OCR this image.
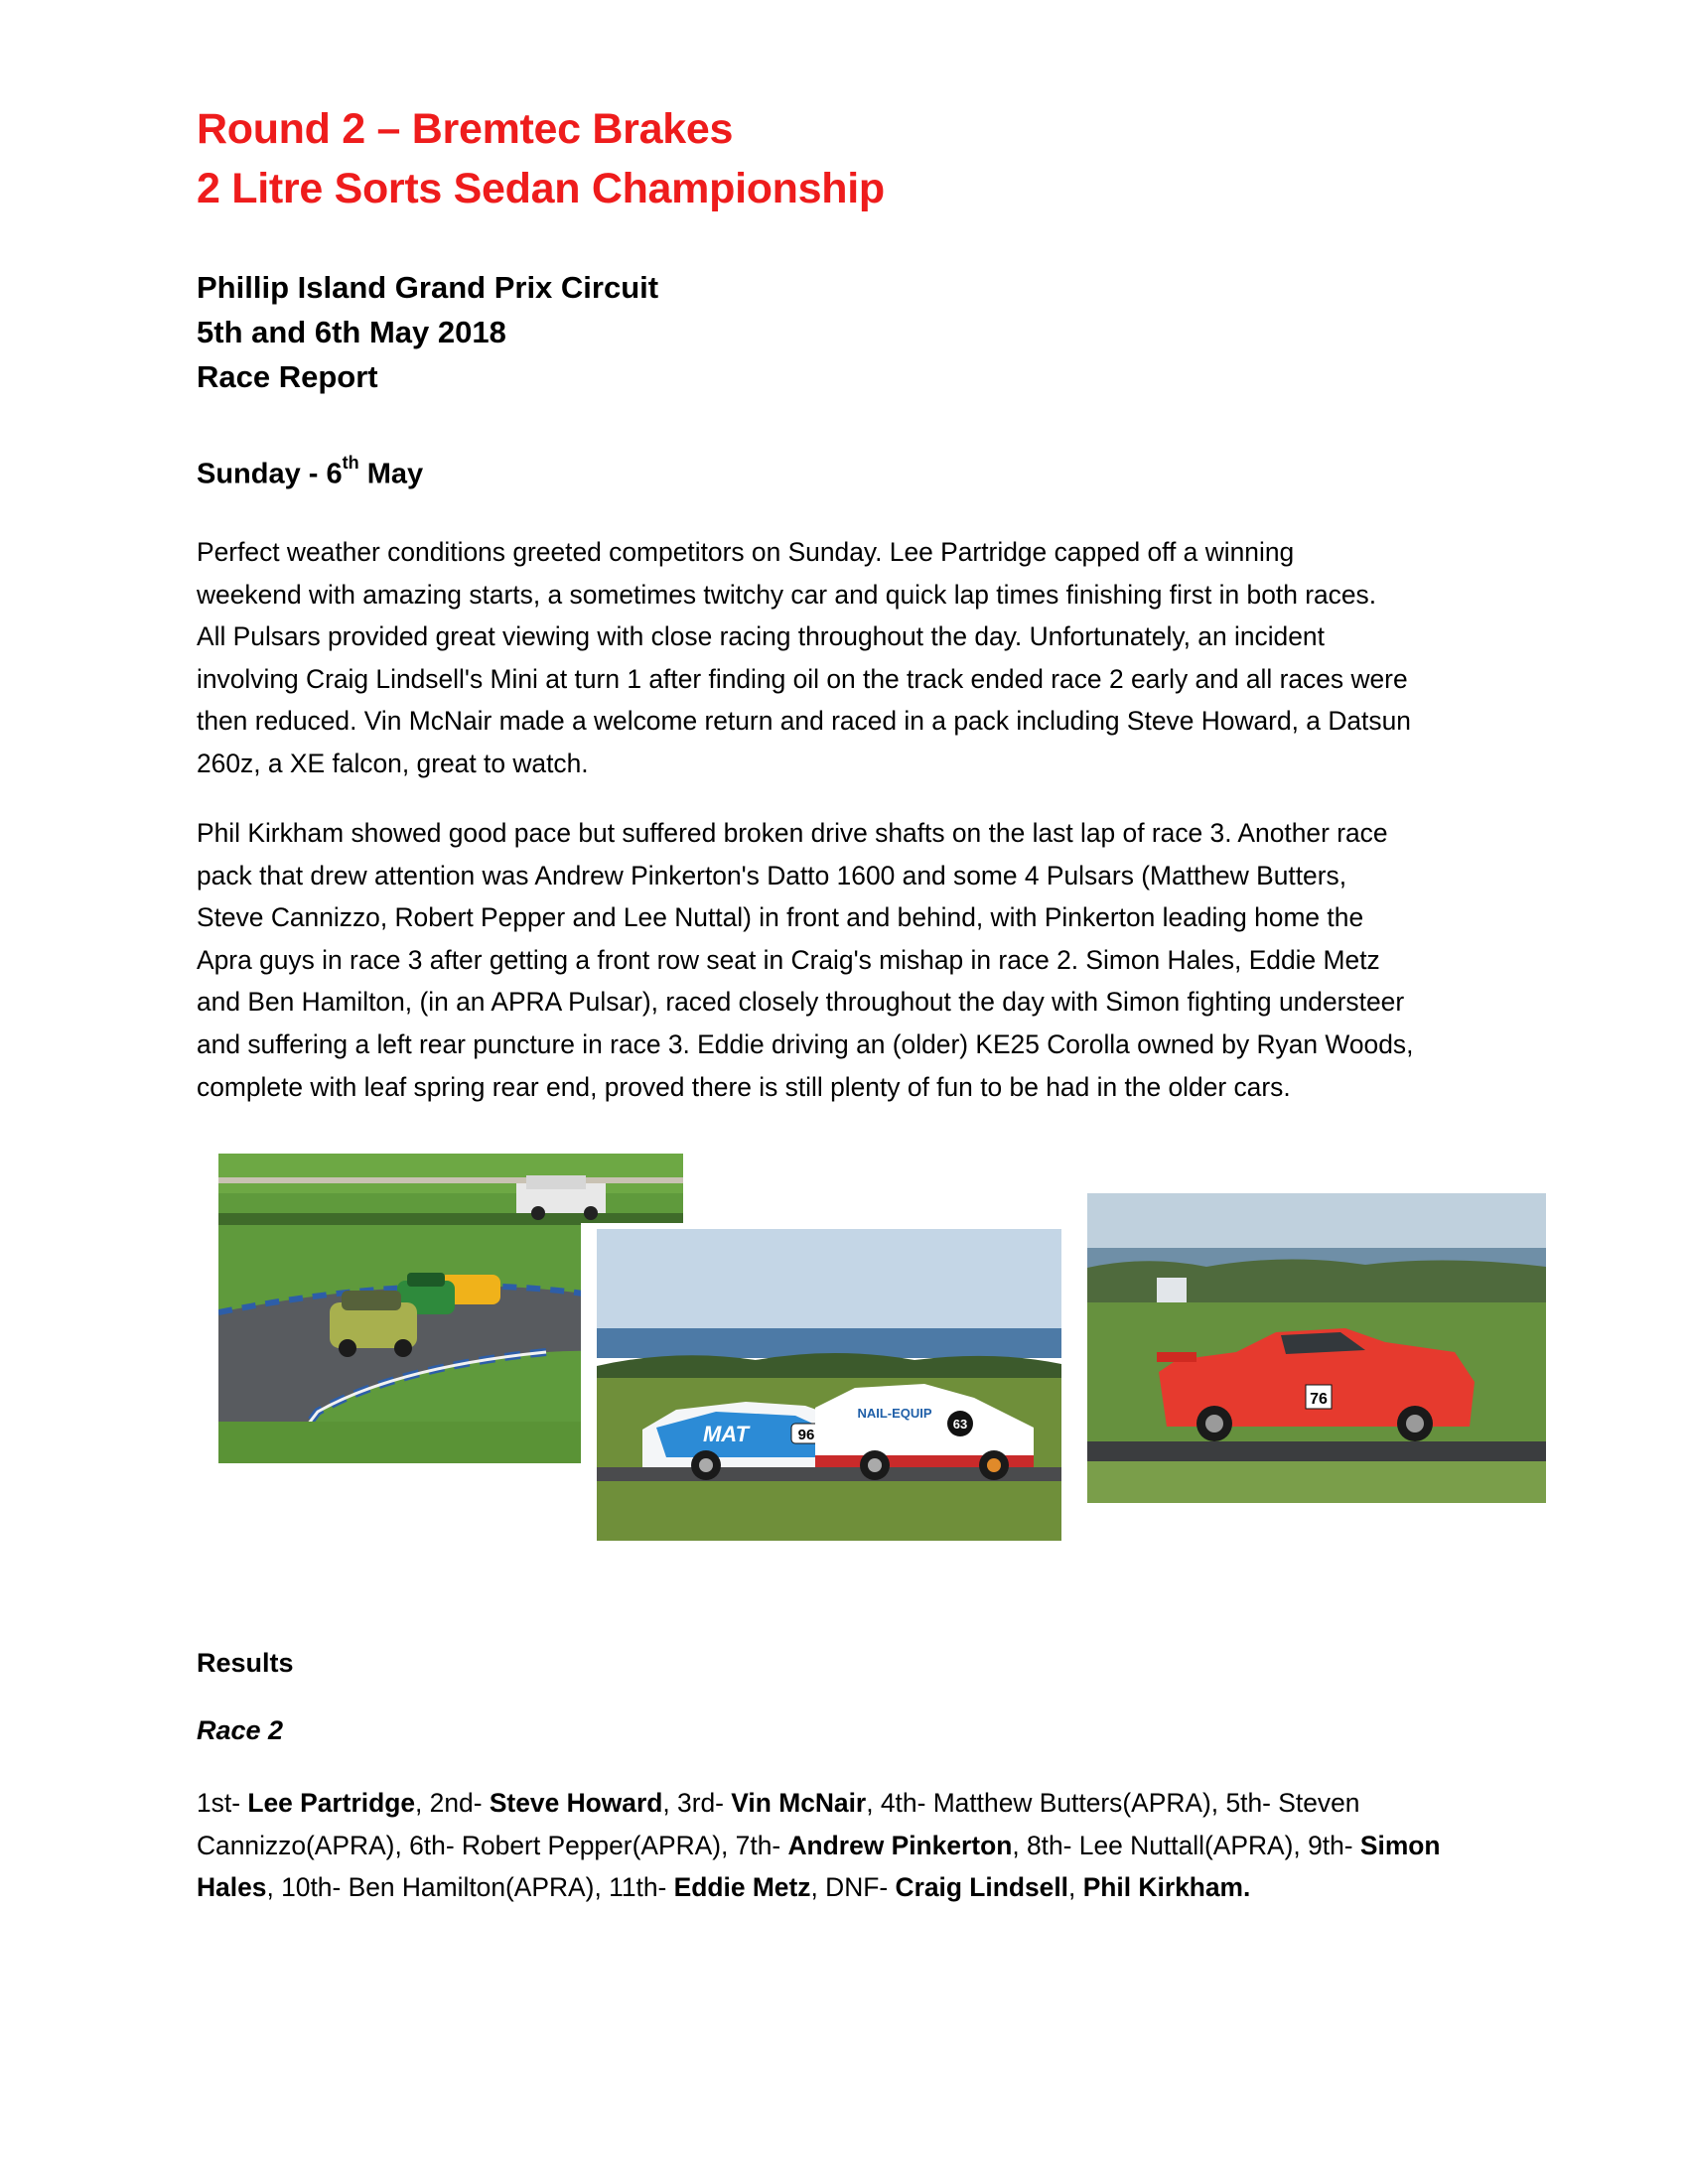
Round 2 – Bremtec Brakes
2 Litre Sorts Sedan Championship
Phillip Island Grand Prix Circuit
5th and 6th May 2018
Race Report
Sunday - 6th May
Perfect weather conditions greeted competitors on Sunday. Lee Partridge capped off a winning
weekend with amazing starts, a sometimes twitchy car and quick lap times finishing first in both races.
All Pulsars provided great viewing with close racing throughout the day. Unfortunately, an incident
involving Craig Lindsell's Mini at turn 1 after finding oil on the track ended race 2 early and all races were
then reduced. Vin McNair made a welcome return and raced in a pack including Steve Howard, a Datsun
260z, a XE falcon, great to watch.
Phil Kirkham showed good pace but suffered broken drive shafts on the last lap of race 3. Another race
pack that drew attention was Andrew Pinkerton's Datto 1600 and some 4 Pulsars (Matthew Butters,
Steve Cannizzo, Robert Pepper and Lee Nuttal) in front and behind, with Pinkerton leading home the
Apra guys in race 3 after getting a front row seat in Craig's mishap in race 2. Simon Hales, Eddie Metz
and Ben Hamilton, (in an APRA Pulsar), raced closely throughout the day with Simon fighting understeer
and suffering a left rear puncture in race 3. Eddie driving an (older) KE25 Corolla owned by Ryan Woods,
complete with leaf spring rear end, proved there is still plenty of fun to be had in the older cars.
76
MAT	96
NAIL-EQUIP
63
Results
Race 2
1st- Lee Partridge, 2nd- Steve Howard, 3rd- Vin McNair, 4th- Matthew Butters(APRA), 5th- Steven Cannizzo(APRA), 6th- Robert Pepper(APRA), 7th- Andrew Pinkerton, 8th- Lee Nuttall(APRA), 9th- Simon Hales, 10th- Ben Hamilton(APRA), 11th- Eddie Metz, DNF- Craig Lindsell, Phil Kirkham.
